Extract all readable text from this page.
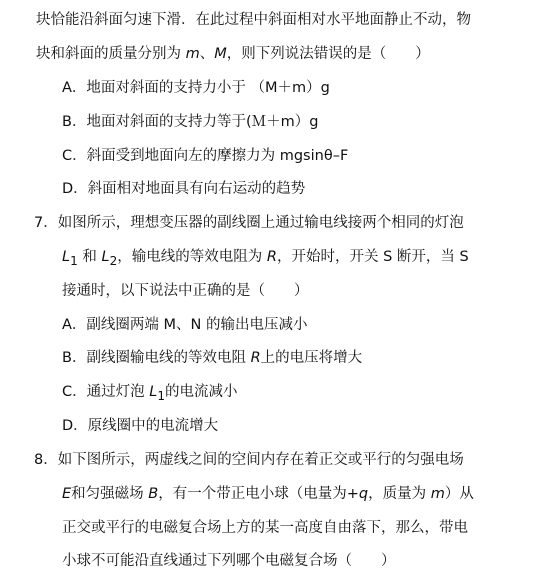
块恰能沿斜面匀速下滑．在此过程中斜面相对水平地面静止不动，物
块和斜面的质量分别为 m、M，则下列说法错误的是（　　）
A．地面对斜面的支持力小于 （M＋m）g
B．地面对斜面的支持力等于(Ｍ＋m）g
C．斜面受到地面向左的摩擦力为 mgsinθ–F
D．斜面相对地面具有向右运动的趋势
7．如图所示，理想变压器的副线圈上通过输电线接两个相同的灯泡
$L_1$ 和 $L_2$，输电线的等效电阻为 R，开始时，开关 S 断开，当 S
接通时，以下说法中正确的是（　　）
A．副线圈两端 M、N 的输出电压减小
B．副线圈输电线的等效电阻 R上的电压将增大
C．通过灯泡 $L_1$的电流减小
D．原线圈中的电流增大
8．如下图所示，两虚线之间的空间内存在着正交或平行的匀强电场
E和匀强磁场 B，有一个带正电小球（电量为+q，质量为 m）从
正交或平行的电磁复合场上方的某一高度自由落下，那么，带电
小球不可能沿直线通过下列哪个电磁复合场（　　）
